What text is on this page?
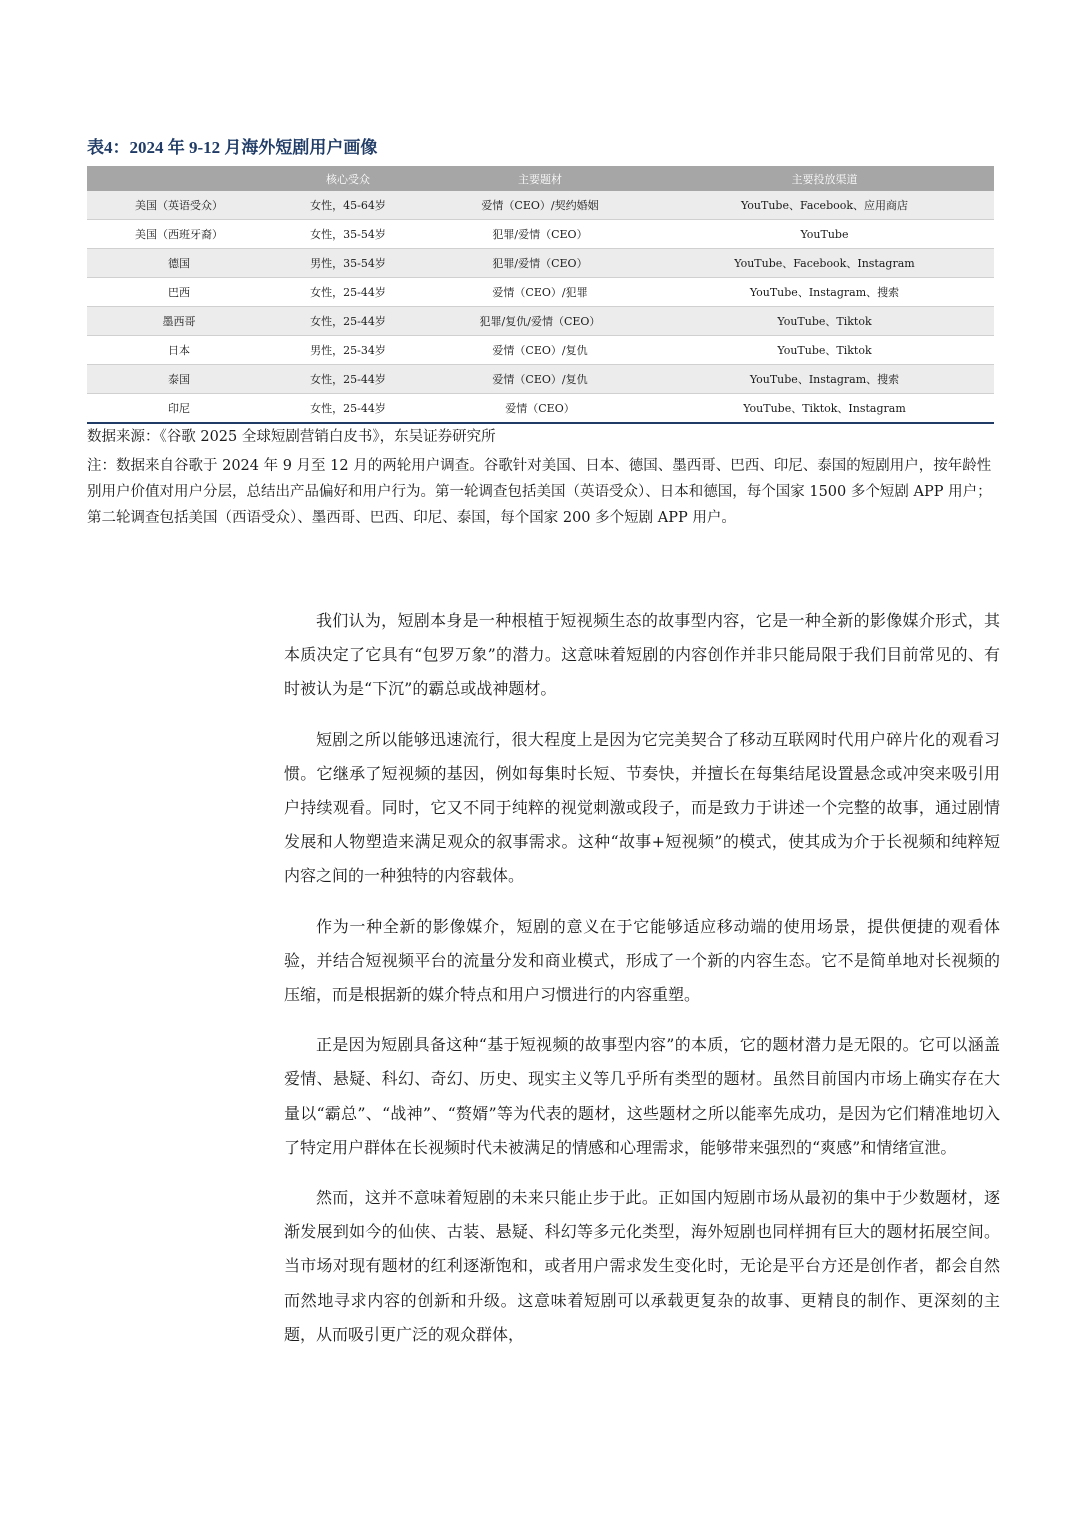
表4：2024 年 9-12 月海外短剧用户画像
	核心受众	主要题材	主要投放渠道
美国（英语受众）	女性，45-64岁	爱情（CEO）/契约婚姻	YouTube、Facebook、应用商店
美国（西班牙裔）	女性，35-54岁	犯罪/爱情（CEO）	YouTube
德国	男性，35-54岁	犯罪/爱情（CEO）	YouTube、Facebook、Instagram
巴西	女性，25-44岁	爱情（CEO）/犯罪	YouTube、Instagram、搜索
墨西哥	女性，25-44岁	犯罪/复仇/爱情（CEO）	YouTube、Tiktok
日本	男性，25-34岁	爱情（CEO）/复仇	YouTube、Tiktok
泰国	女性，25-44岁	爱情（CEO）/复仇	YouTube、Instagram、搜索
印尼	女性，25-44岁	爱情（CEO）	YouTube、Tiktok、Instagram
数据来源：《谷歌 2025 全球短剧营销白皮书》，东吴证券研究所

注：数据来自谷歌于 2024 年 9 月至 12 月的两轮用户调查。谷歌针对美国、日本、德国、墨西哥、巴西、印尼、泰国的短剧用户，按年龄性别用户价值对用户分层，总结出产品偏好和用户行为。第一轮调查包括美国（英语受众）、日本和德国，每个国家 1500 多个短剧 APP 用户；第二轮调查包括美国（西语受众）、墨西哥、巴西、印尼、泰国，每个国家 200 多个短剧 APP 用户。

我们认为，短剧本身是一种根植于短视频生态的故事型内容，它是一种全新的影像媒介形式，其本质决定了它具有“包罗万象”的潜力。这意味着短剧的内容创作并非只能局限于我们目前常见的、有时被认为是“下沉”的霸总或战神题材。

短剧之所以能够迅速流行，很大程度上是因为它完美契合了移动互联网时代用户碎片化的观看习惯。它继承了短视频的基因，例如每集时长短、节奏快，并擅长在每集结尾设置悬念或冲突来吸引用户持续观看。同时，它又不同于纯粹的视觉刺激或段子，而是致力于讲述一个完整的故事，通过剧情发展和人物塑造来满足观众的叙事需求。这种“故事+短视频”的模式，使其成为介于长视频和纯粹短内容之间的一种独特的内容载体。

作为一种全新的影像媒介，短剧的意义在于它能够适应移动端的使用场景，提供便捷的观看体验，并结合短视频平台的流量分发和商业模式，形成了一个新的内容生态。它不是简单地对长视频的压缩，而是根据新的媒介特点和用户习惯进行的内容重塑。

正是因为短剧具备这种“基于短视频的故事型内容”的本质，它的题材潜力是无限的。它可以涵盖爱情、悬疑、科幻、奇幻、历史、现实主义等几乎所有类型的题材。虽然目前国内市场上确实存在大量以“霸总”、“战神”、“赘婿”等为代表的题材，这些题材之所以能率先成功，是因为它们精准地切入了特定用户群体在长视频时代未被满足的情感和心理需求，能够带来强烈的“爽感”和情绪宣泄。

然而，这并不意味着短剧的未来只能止步于此。正如国内短剧市场从最初的集中于少数题材，逐渐发展到如今的仙侠、古装、悬疑、科幻等多元化类型，海外短剧也同样拥有巨大的题材拓展空间。当市场对现有题材的红利逐渐饱和，或者用户需求发生变化时，无论是平台方还是创作者，都会自然而然地寻求内容的创新和升级。这意味着短剧可以承载更复杂的故事、更精良的制作、更深刻的主题，从而吸引更广泛的观众群体，
